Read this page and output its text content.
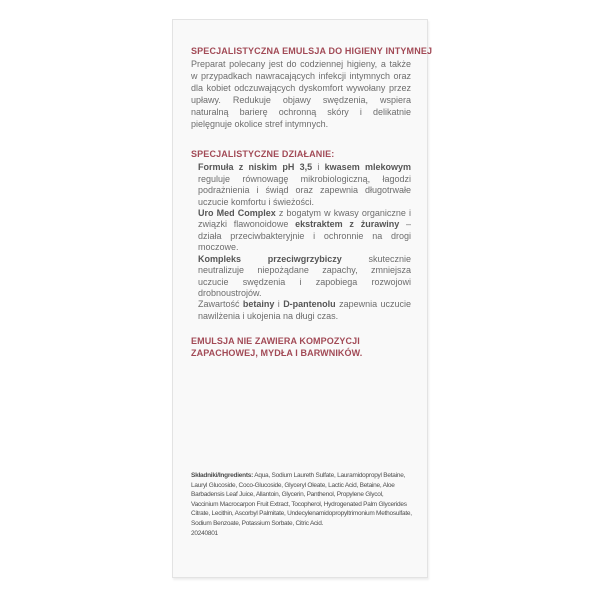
SPECJALISTYCZNA EMULSJA DO HIGIENY INTYMNEJ

Preparat polecany jest do codziennej higieny, a także w przypadkach nawracających infekcji intymnych oraz dla kobiet odczuwających dyskomfort wywołany przez upławy. Redukuje objawy swędzenia, wspiera naturalną barierę ochronną skóry i delikatnie pielęgnuje okolice stref intymnych.

SPECJALISTYCZNE DZIAŁANIE:
Formuła z niskim pH 3,5 i kwasem mlekowym reguluje równowagę mikrobiologiczną, łagodzi podrażnienia i świąd oraz zapewnia długotrwałe uczucie komfortu i świeżości.
Uro Med Complex z bogatym w kwasy organiczne i związki flawonoidowe ekstraktem z żurawiny – działa przeciwbakteryjnie i ochronnie na drogi moczowe.
Kompleks przeciwgrzybiczy skutecznie neutralizuje niepożądane zapachy, zmniejsza uczucie swędzenia i zapobiega rozwojowi drobnoustrojów.
Zawartość betainy i D-pantenolu zapewnia uczucie nawilżenia i ukojenia na długi czas.

EMULSJA NIE ZAWIERA KOMPOZYCJI ZAPACHOWEJ, MYDŁA I BARWNIKÓW.

Składniki/Ingredients: Aqua, Sodium Laureth Sulfate, Lauramidopropyl Betaine, Lauryl Glucoside, Coco-Glucoside, Glyceryl Oleate, Lactic Acid, Betaine, Aloe Barbadensis Leaf Juice, Allantoin, Glycerin, Panthenol, Propylene Glycol, Vaccinium Macrocarpon Fruit Extract, Tocopherol, Hydrogenated Palm Glycerides Citrate, Lecithin, Ascorbyl Palmitate, Undecylenamidopropyltrimonium Methosulfate, Sodium Benzoate, Potassium Sorbate, Citric Acid.
20240801
